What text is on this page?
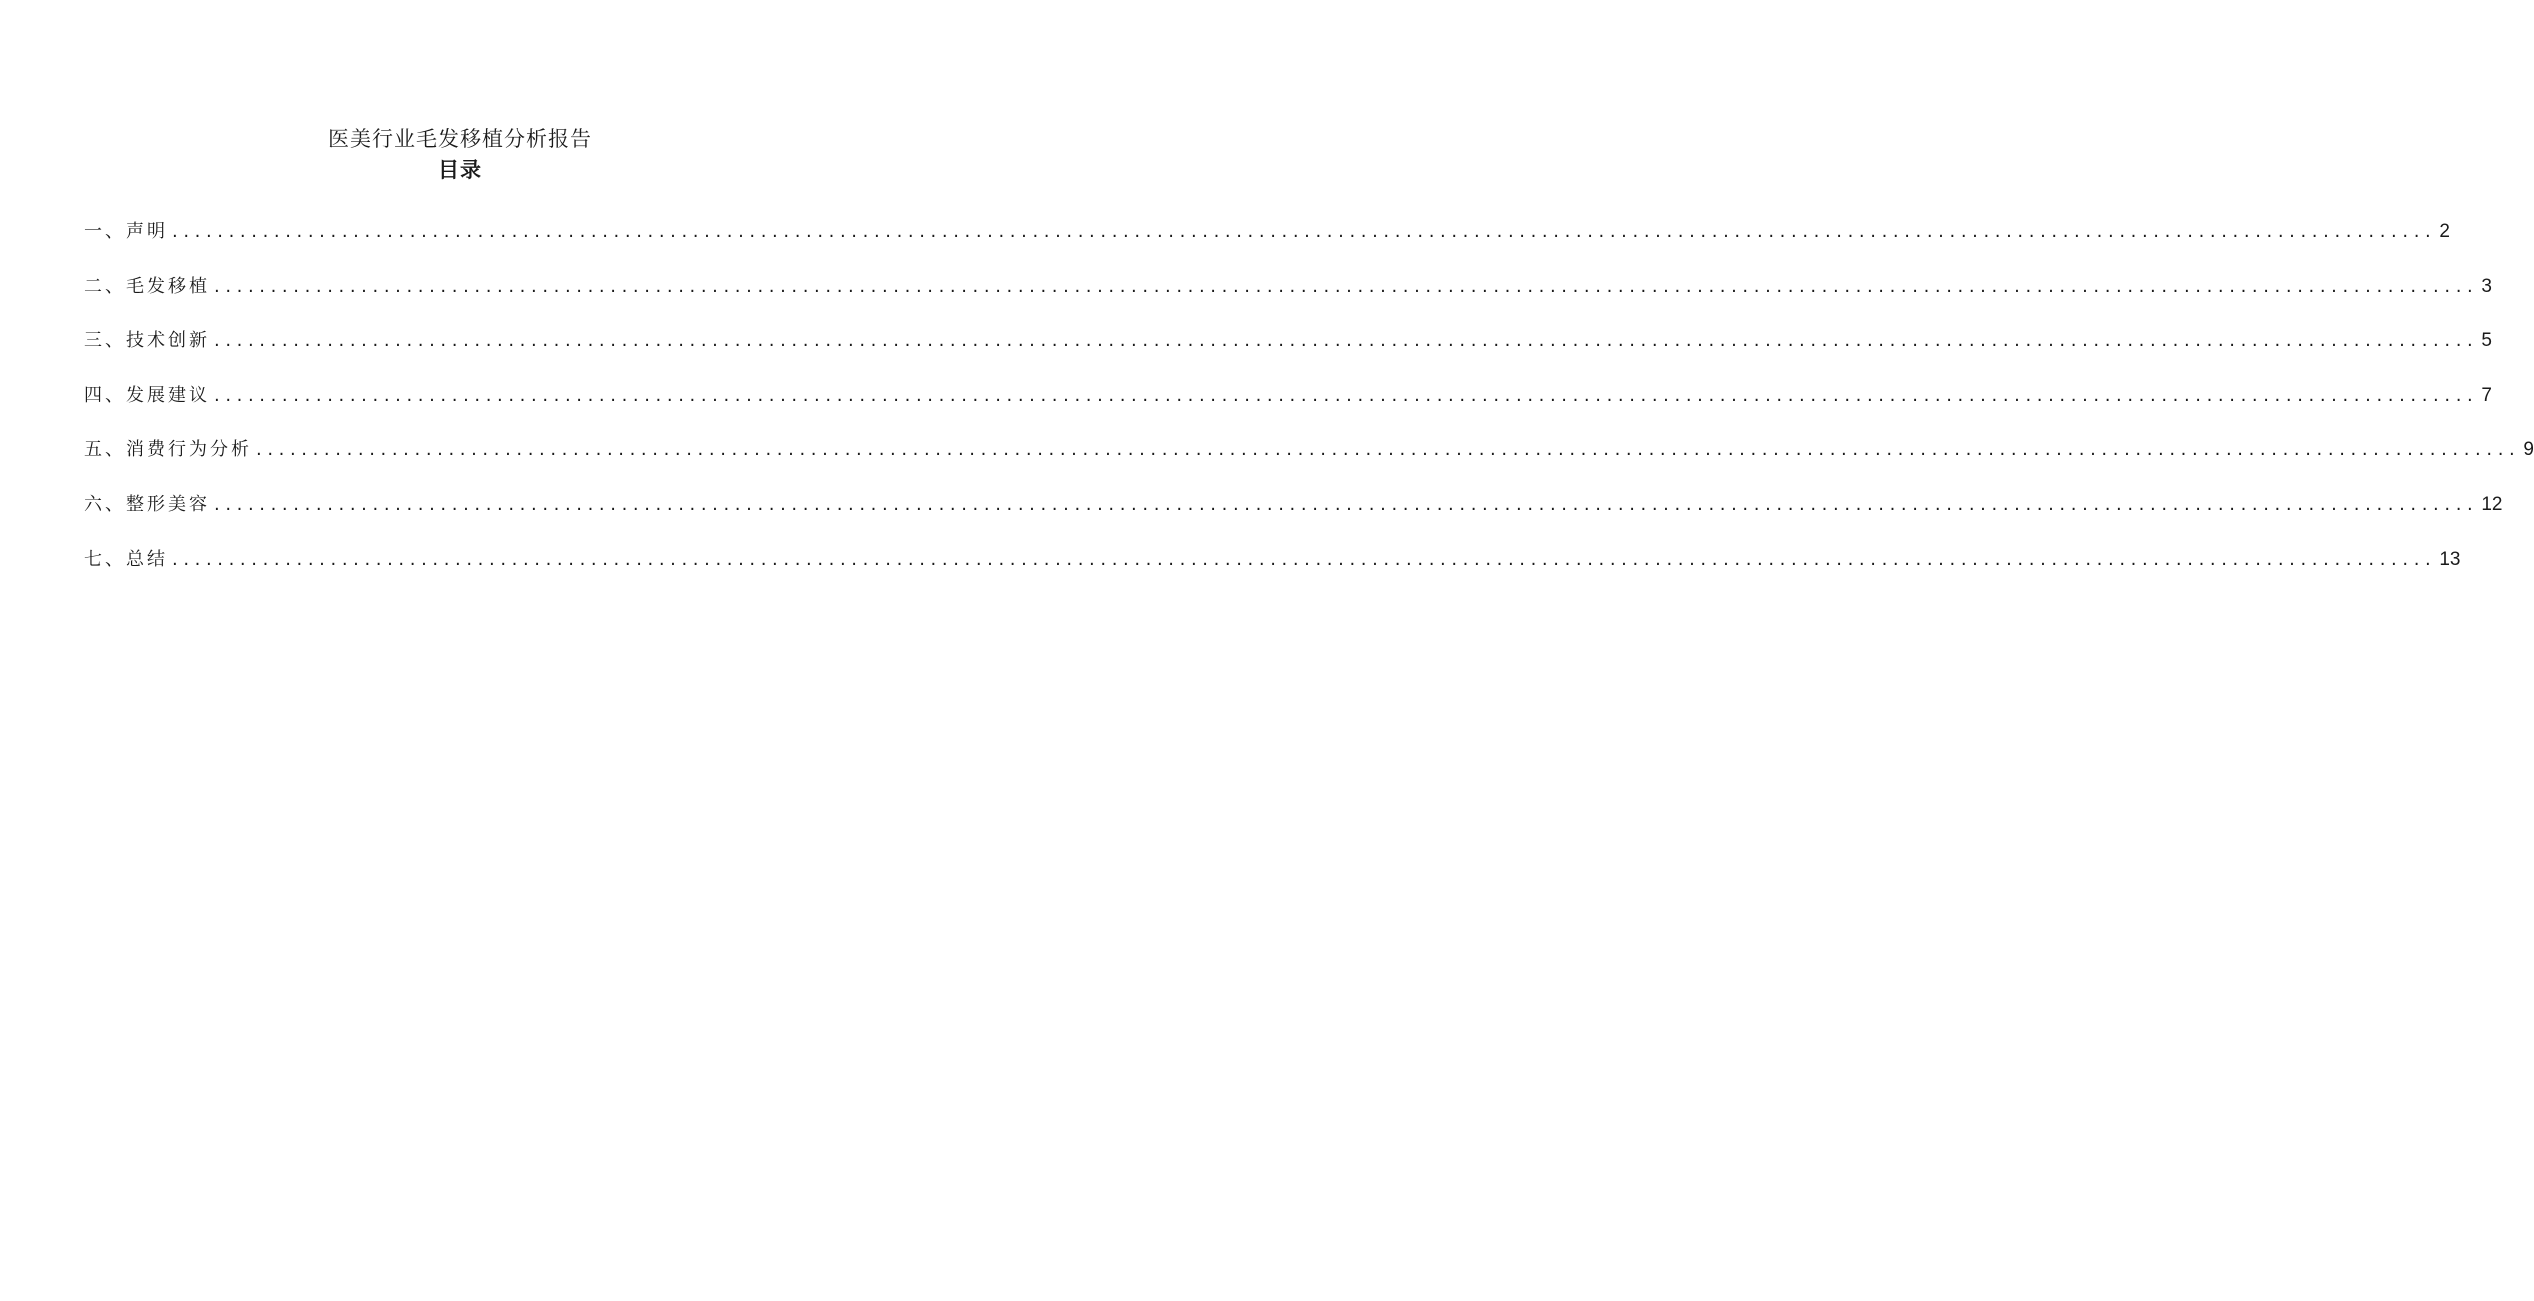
医美行业毛发移植分析报告
目录
一、声明 ........................................................................................................................................................................................................ 2
二、毛发移植 ........................................................................................................................................................................................................ 3
三、技术创新 ........................................................................................................................................................................................................ 5
四、发展建议 ........................................................................................................................................................................................................ 7
五、消费行为分析 ........................................................................................................................................................................................................ 9
六、整形美容 ........................................................................................................................................................................................................ 12
七、总结 ........................................................................................................................................................................................................ 13
